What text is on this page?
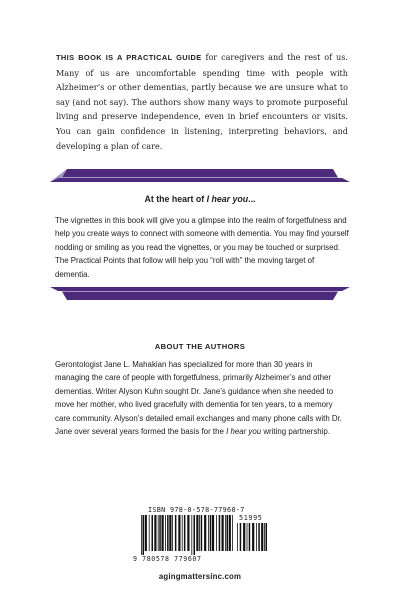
THIS BOOK IS A PRACTICAL GUIDE for caregivers and the rest of us. Many of us are uncomfortable spending time with people with Alzheimer’s or other dementias, partly because we are unsure what to say (and not say). The authors show many ways to promote purposeful living and preserve independence, even in brief encounters or visits. You can gain confidence in listening, interpreting behaviors, and developing a plan of care.

At the heart of I hear you...

The vignettes in this book will give you a glimpse into the realm of forgetfulness and help you create ways to connect with someone with dementia. You may find yourself nodding or smiling as you read the vignettes, or you may be touched or surprised. The Practical Points that follow will help you “roll with” the moving target of dementia.

ABOUT THE AUTHORS

Gerontologist Jane L. Mahakian has specialized for more than 30 years in managing the care of people with forgetfulness, primarily Alzheimer’s and other dementias. Writer Alyson Kuhn sought Dr. Jane’s guidance when she needed to move her mother, who lived gracefully with dementia for ten years, to a memory care community. Alyson’s detailed email exchanges and many phone calls with Dr. Jane over several years formed the basis for the I hear you writing partnership.

ISBN 978-0-578-77960-7
51995
9 780578 779607
agingmattersinc.com
